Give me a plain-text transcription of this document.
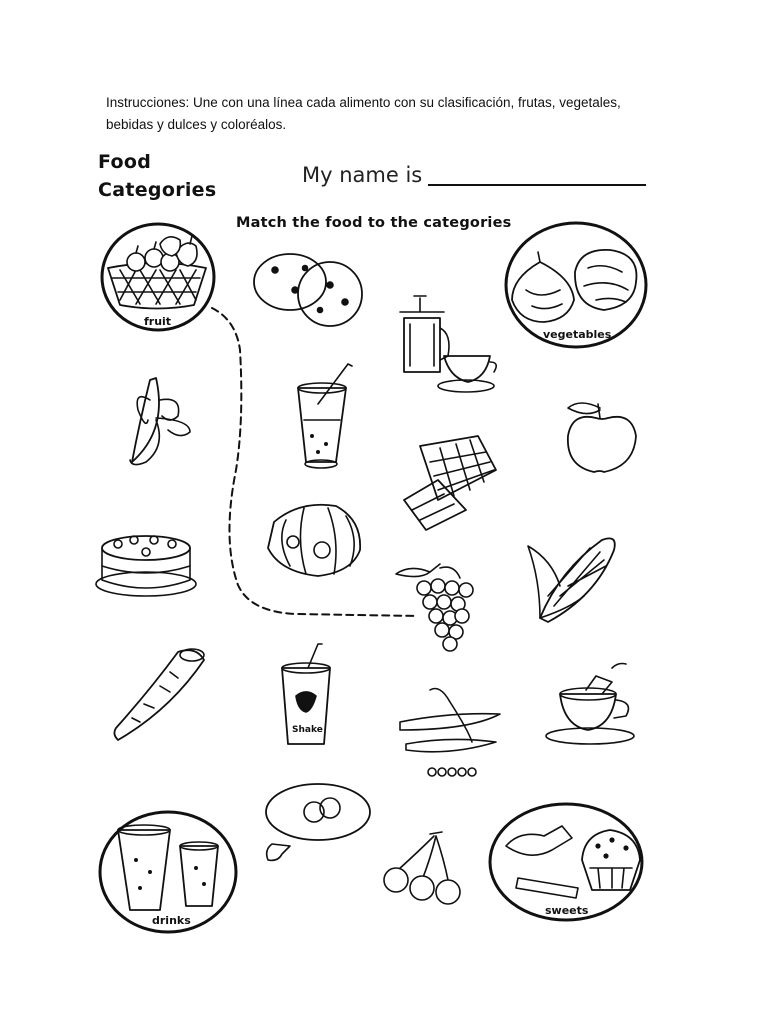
Instrucciones: Une con una línea cada alimento con su clasificación, frutas, vegetales, bebidas y dulces y coloréalos.
Food
Categories
My name is
Match the food to the categories
fruit
vegetables
Shake
drinks
sweets
